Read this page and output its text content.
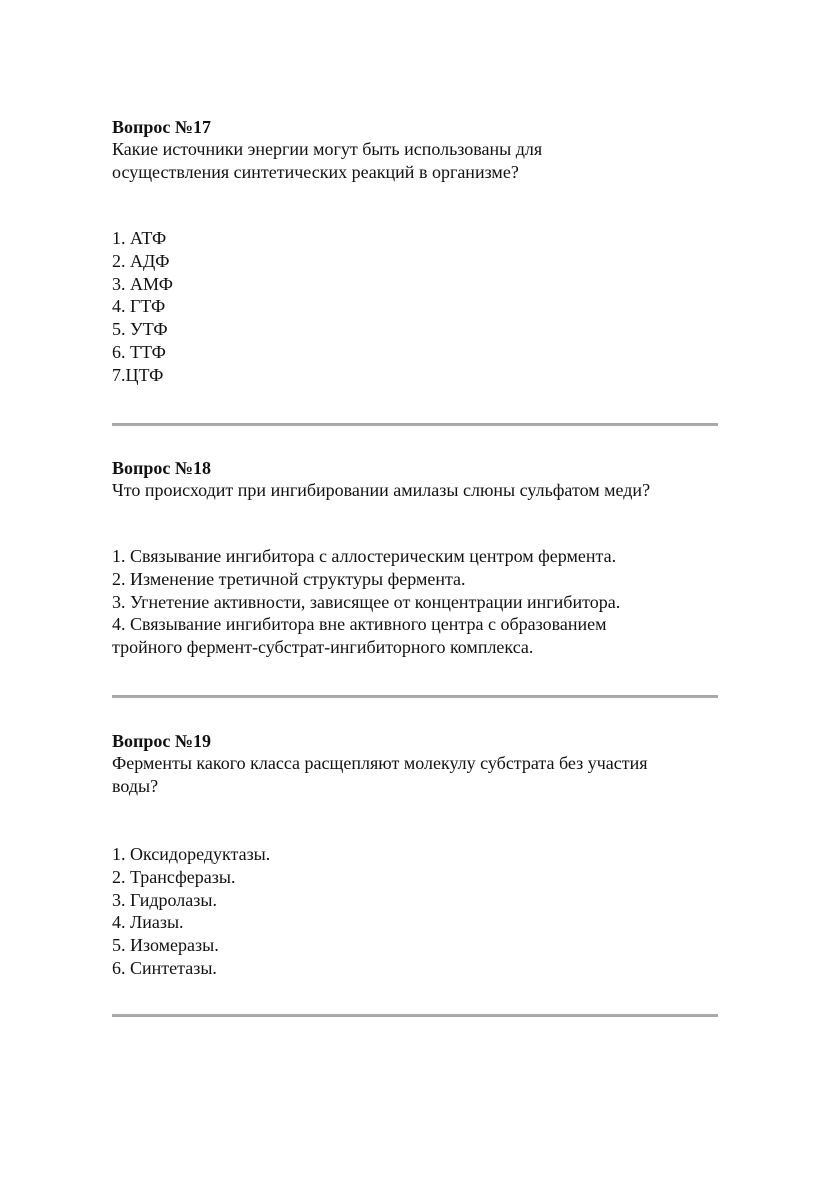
Вопрос №17

Какие источники энергии могут быть использованы для

осуществления синтетических реакций в организме?

1. АТФ
2. АДФ
3. АМФ
4. ГТФ
5. УТФ
6. ТТФ
7.ЦТФ

Вопрос №18

Что происходит при ингибировании амилазы слюны сульфатом меди?

1. Связывание ингибитора с аллостерическим центром фермента.
2. Изменение третичной структуры фермента.
3. Угнетение активности, зависящее от концентрации ингибитора.
4. Связывание ингибитора вне активного центра с образованием
тройного фермент-субстрат-ингибиторного комплекса.

Вопрос №19

Ферменты какого класса расщепляют молекулу субстрата без участия

воды?

1. Оксидоредуктазы.
2. Трансферазы.
3. Гидролазы.
4. Лиазы.
5. Изомеразы.
6. Синтетазы.
